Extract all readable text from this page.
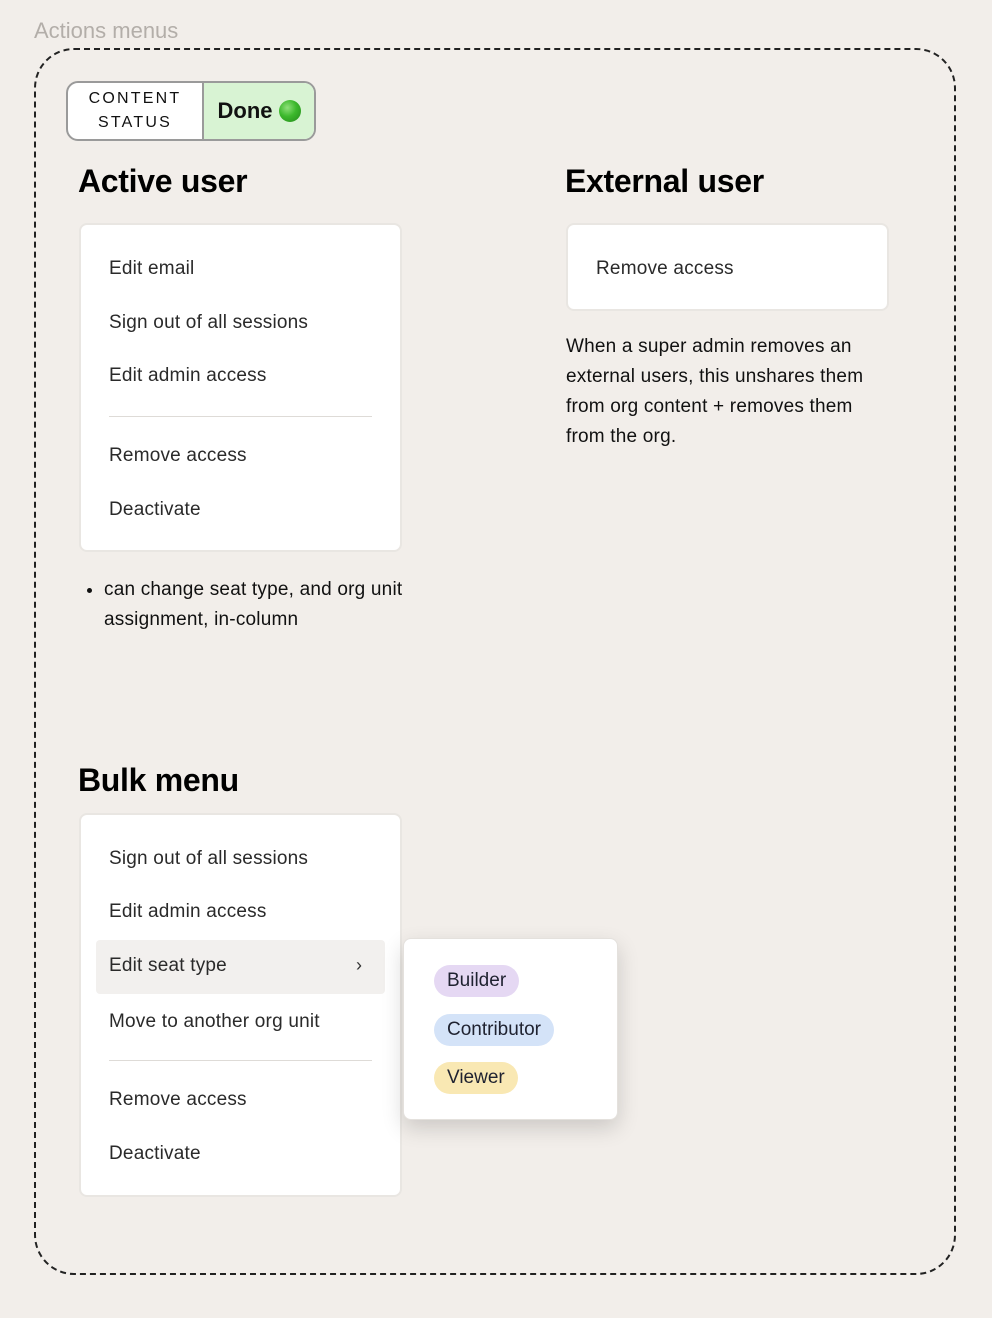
Actions menus
CONTENT
STATUS Done
Active user
Edit email
Sign out of all sessions
Edit admin access
Remove access
Deactivate
• can change seat type, and org unit assignment, in-column
External user
Remove access
When a super admin removes an external users, this unshares them from org content + removes them from the org.
Bulk menu
Sign out of all sessions
Edit admin access
Edit seat type	›
Move to another org unit
Remove access
Deactivate
Builder
Contributor
Viewer
